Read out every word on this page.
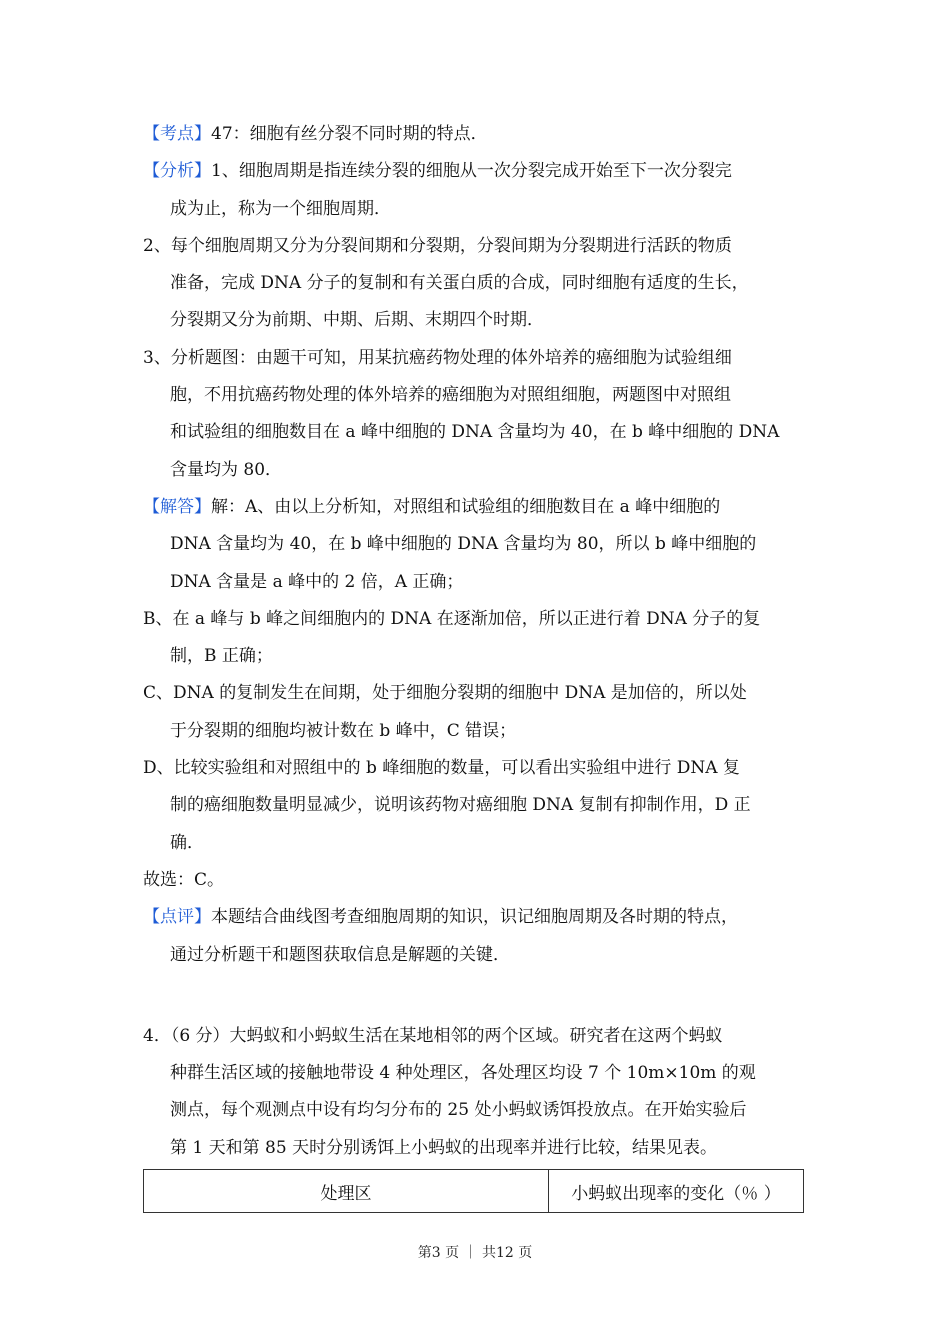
【考点】47：细胞有丝分裂不同时期的特点．
【分析】1、细胞周期是指连续分裂的细胞从一次分裂完成开始至下一次分裂完
成为止，称为一个细胞周期．
2、每个细胞周期又分为分裂间期和分裂期，分裂间期为分裂期进行活跃的物质
准备，完成 DNA 分子的复制和有关蛋白质的合成，同时细胞有适度的生长，
分裂期又分为前期、中期、后期、末期四个时期．
3、分析题图：由题干可知，用某抗癌药物处理的体外培养的癌细胞为试验组细
胞，不用抗癌药物处理的体外培养的癌细胞为对照组细胞，两题图中对照组
和试验组的细胞数目在 a 峰中细胞的 DNA 含量均为 40，在 b 峰中细胞的 DNA
含量均为 80．
【解答】解：A、由以上分析知，对照组和试验组的细胞数目在 a 峰中细胞的
DNA 含量均为 40，在 b 峰中细胞的 DNA 含量均为 80，所以 b 峰中细胞的
DNA 含量是 a 峰中的 2 倍，A 正确；
B、在 a 峰与 b 峰之间细胞内的 DNA 在逐渐加倍，所以正进行着 DNA 分子的复
制，B 正确；
C、DNA 的复制发生在间期，处于细胞分裂期的细胞中 DNA 是加倍的，所以处
于分裂期的细胞均被计数在 b 峰中，C 错误；
D、比较实验组和对照组中的 b 峰细胞的数量，可以看出实验组中进行 DNA 复
制的癌细胞数量明显减少，说明该药物对癌细胞 DNA 复制有抑制作用，D 正
确．
故选：C。
【点评】本题结合曲线图考查细胞周期的知识，识记细胞周期及各时期的特点，
通过分析题干和题图获取信息是解题的关键．
4．（6 分）大蚂蚁和小蚂蚁生活在某地相邻的两个区域。研究者在这两个蚂蚁
种群生活区域的接触地带设 4 种处理区，各处理区均设 7 个 10m×10m 的观
测点，每个观测点中设有均匀分布的 25 处小蚂蚁诱饵投放点。在开始实验后
第 1 天和第 85 天时分别诱饵上小蚂蚁的出现率并进行比较，结果见表。
处理区	小蚂蚁出现率的变化（％ ）
第3 页 ｜ 共12 页
